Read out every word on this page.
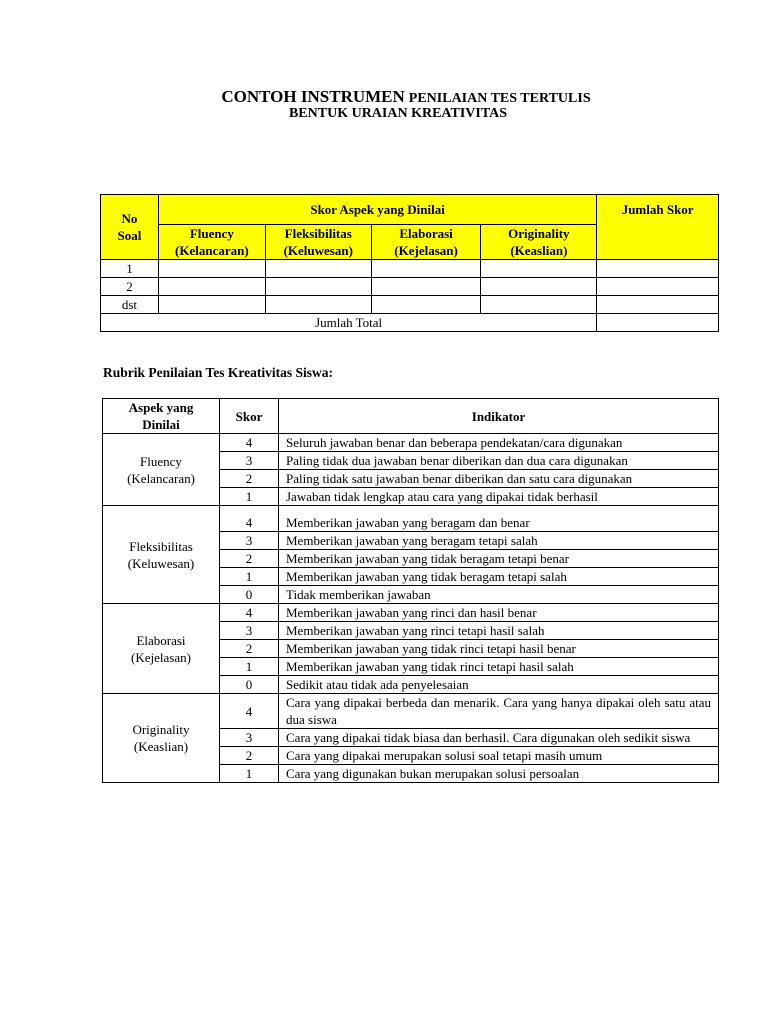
CONTOH INSTRUMEN PENILAIAN TES TERTULIS
BENTUK URAIAN KREATIVITAS
No Soal	Skor Aspek yang Dinilai				Jumlah Skor
	Fluency (Kelancaran)	Fleksibilitas (Keluwesan)	Elaborasi (Kejelasan)	Originality (Keaslian)	
1					
2					
dst					
Jumlah Total					
Rubrik Penilaian Tes Kreativitas Siswa:
Aspek yang Dinilai	Skor	Indikator
Fluency (Kelancaran)	4	Seluruh jawaban benar dan beberapa pendekatan/cara digunakan
	3	Paling tidak dua jawaban benar diberikan dan dua cara digunakan
	2	Paling tidak satu jawaban benar diberikan dan satu cara digunakan
	1	Jawaban tidak lengkap atau cara yang dipakai tidak berhasil
Fleksibilitas (Keluwesan)	4	Memberikan jawaban yang beragam dan benar
	3	Memberikan jawaban yang beragam tetapi salah
	2	Memberikan jawaban yang tidak beragam tetapi benar
	1	Memberikan jawaban yang tidak beragam tetapi salah
	0	Tidak memberikan jawaban
Elaborasi (Kejelasan)	4	Memberikan jawaban yang rinci dan hasil benar
	3	Memberikan jawaban yang rinci tetapi hasil salah
	2	Memberikan jawaban yang tidak rinci tetapi hasil benar
	1	Memberikan jawaban yang tidak rinci tetapi hasil salah
	0	Sedikit atau tidak ada penyelesaian
Originality (Keaslian)	4	Cara yang dipakai berbeda dan menarik. Cara yang hanya dipakai oleh satu atau dua siswa
	3	Cara yang dipakai tidak biasa dan berhasil. Cara digunakan oleh sedikit siswa
	2	Cara yang dipakai merupakan solusi soal tetapi masih umum
	1	Cara yang digunakan bukan merupakan solusi persoalan
